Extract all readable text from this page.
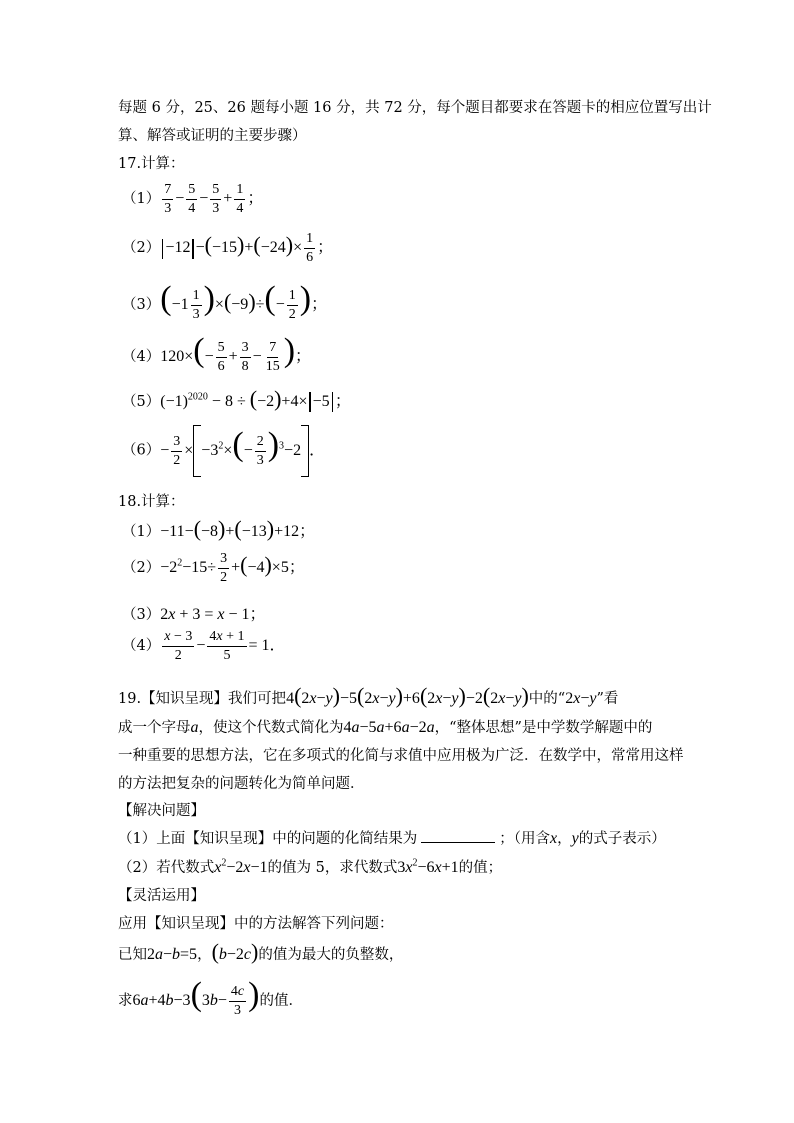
每题 6 分，25、26 题每小题 16 分，共 72 分，每个题目都要求在答题卡的相应位置写出计
算、解答或证明的主要步骤）
17.计算：
$(1) \frac{7}{3} - \frac{5}{4} - \frac{5}{3} + \frac{1}{4}$ ；
$(2) -12 -(-15)+(-24)\times \frac{1}{6}$ ；
$(3)(-1 \frac{1}{3} )\times(-9)\div(- \frac{1}{2}$ )；
$(4)120\times(- \frac{5}{6} + \frac{3}{8} - \frac{7}{15}$ )；
$(5)(-1)^{2020} - 8 \div (-2)+4\times -5$ ；
$(6)- \frac{3}{2} \times -3^2\times(- \frac{2}{3} )^3-2$ ．
18.计算：
（1）−11−(−8)+(−13)+12；
$(2)-2^2-15\div \frac{3}{2} +(-4)\times 5$；
（3）2x + 3 = x − 1；
$(4) \frac{x - 3}{2} - \frac{4x + 1}{5} = 1$．
19.【知识呈现】我们可把4(2x−y)−5(2x−y)+6(2x−y)−2(2x−y)中的“2x−y”看
成一个字母a，使这个代数式简化为4a−5a+6a−2a，“整体思想”是中学数学解题中的
一种重要的思想方法，它在多项式的化简与求值中应用极为广泛．在数学中，常常用这样
的方法把复杂的问题转化为简单问题．
【解决问题】
（1）上面【知识呈现】中的问题的化简结果为	；（用含x，y的式子表示）
（2）若代数式$x^2-2x-1$的值为 5，求代数式$3x^2-6x+1$的值；
【灵活运用】
应用【知识呈现】中的方法解答下列问题：
已知2a−b=5，(b−2c)的值为最大的负整数，
求$6a+4b-3(3b- \frac{4c}{3}$ )的值．
